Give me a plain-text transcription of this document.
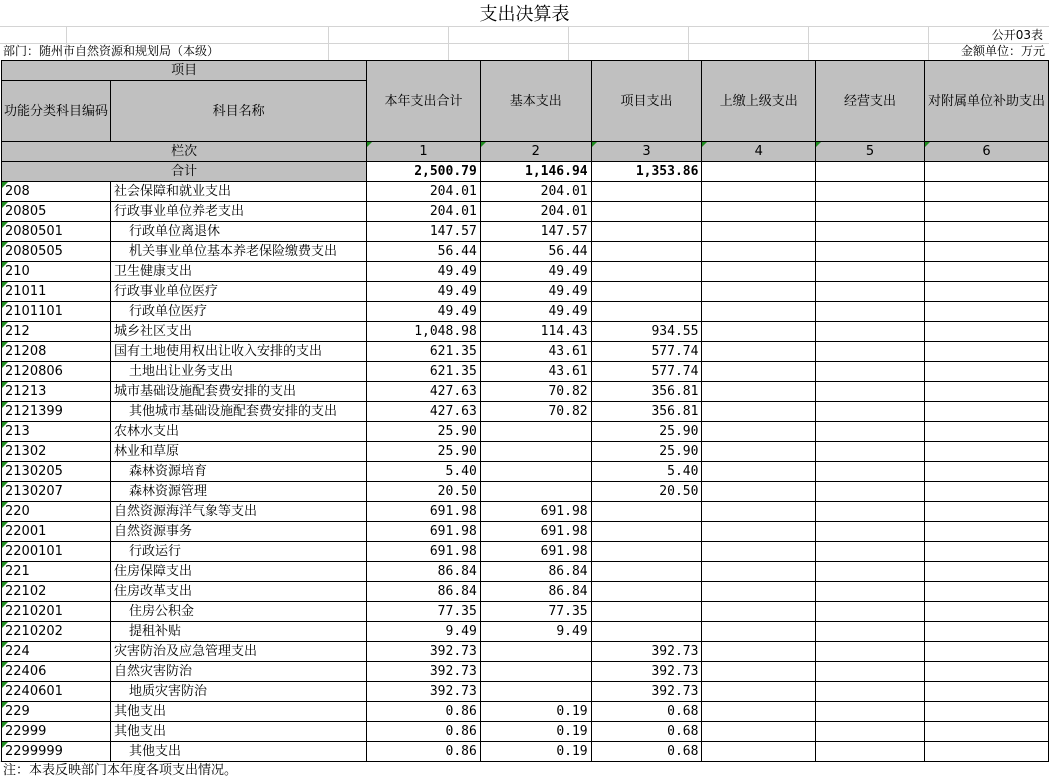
支出决算表
公开03表
部门：随州市自然资源和规划局（本级）	金额单位：万元
项目		本年支出合计	基本支出	项目支出	上缴上级支出	经营支出	对附属单位补助支出
功能分类科目编码	科目名称						
栏次		1	2	3	4	5	6
合计		2,500.79	1,146.94	1,353.86			
208	社会保障和就业支出	204.01	204.01				
20805	行政事业单位养老支出	204.01	204.01				
2080501	行政单位离退休	147.57	147.57				
2080505	机关事业单位基本养老保险缴费支出	56.44	56.44				
210	卫生健康支出	49.49	49.49				
21011	行政事业单位医疗	49.49	49.49				
2101101	行政单位医疗	49.49	49.49				
212	城乡社区支出	1,048.98	114.43	934.55			
21208	国有土地使用权出让收入安排的支出	621.35	43.61	577.74			
2120806	土地出让业务支出	621.35	43.61	577.74			
21213	城市基础设施配套费安排的支出	427.63	70.82	356.81			
2121399	其他城市基础设施配套费安排的支出	427.63	70.82	356.81			
213	农林水支出	25.90		25.90			
21302	林业和草原	25.90		25.90			
2130205	森林资源培育	5.40		5.40			
2130207	森林资源管理	20.50		20.50			
220	自然资源海洋气象等支出	691.98	691.98				
22001	自然资源事务	691.98	691.98				
2200101	行政运行	691.98	691.98				
221	住房保障支出	86.84	86.84				
22102	住房改革支出	86.84	86.84				
2210201	住房公积金	77.35	77.35				
2210202	提租补贴	9.49	9.49				
224	灾害防治及应急管理支出	392.73		392.73			
22406	自然灾害防治	392.73		392.73			
2240601	地质灾害防治	392.73		392.73			
229	其他支出	0.86	0.19	0.68			
22999	其他支出	0.86	0.19	0.68			
2299999	其他支出	0.86	0.19	0.68			
注：本表反映部门本年度各项支出情况。
